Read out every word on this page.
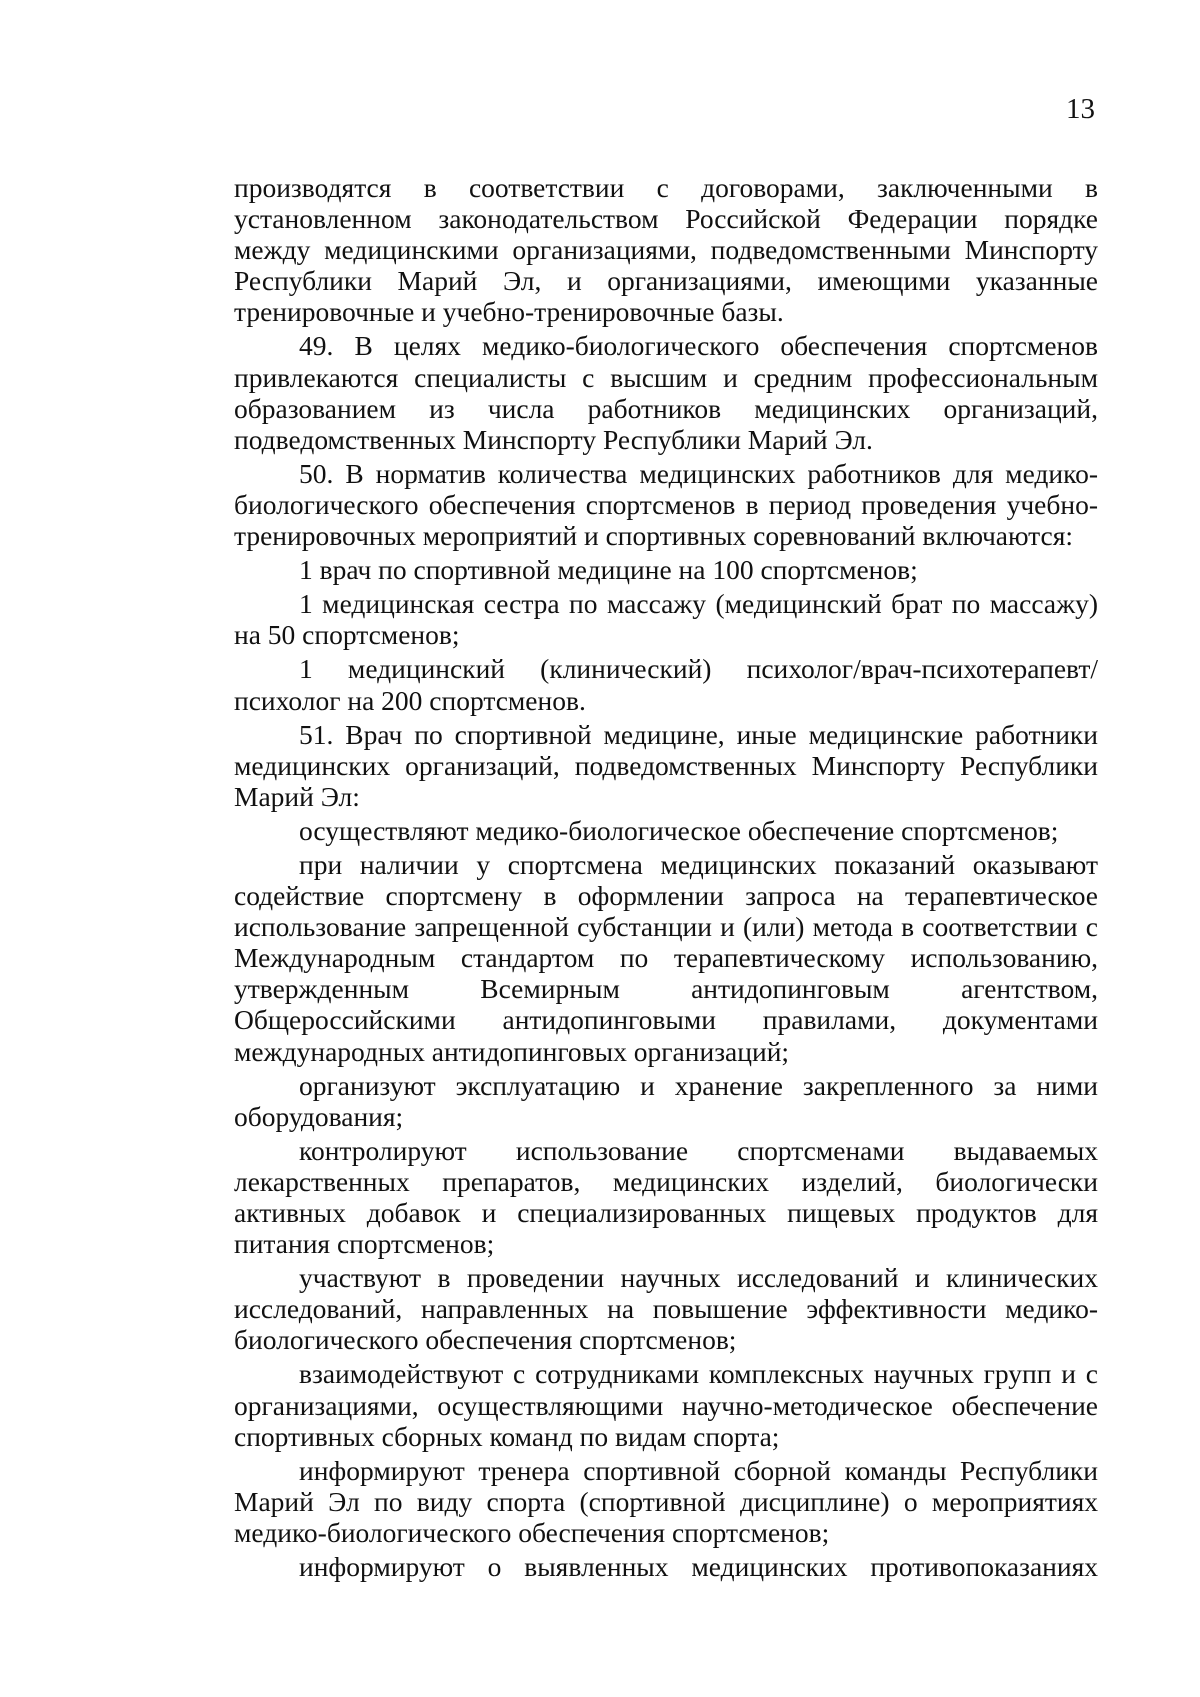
13

производятся в соответствии с договорами, заключенными в установленном законодательством Российской Федерации порядке между медицинскими организациями, подведомственными Минспорту Республики Марий Эл, и организациями, имеющими указанные тренировочные и учебно-тренировочные базы.

49. В целях медико-биологического обеспечения спортсменов привлекаются специалисты с высшим и средним профессиональным образованием из числа работников медицинских организаций, подведомственных Минспорту Республики Марий Эл.

50. В норматив количества медицинских работников для медико-биологического обеспечения спортсменов в период проведения учебно-тренировочных мероприятий и спортивных соревнований включаются:

1 врач по спортивной медицине на 100 спортсменов;

1 медицинская сестра по массажу (медицинский брат по массажу) на 50 спортсменов;

1 медицинский (клинический) психолог/врач-психотерапевт/психолог на 200 спортсменов.

51. Врач по спортивной медицине, иные медицинские работники медицинских организаций, подведомственных Минспорту Республики Марий Эл:

осуществляют медико-биологическое обеспечение спортсменов;

при наличии у спортсмена медицинских показаний оказывают содействие спортсмену в оформлении запроса на терапевтическое использование запрещенной субстанции и (или) метода в соответствии с Международным стандартом по терапевтическому использованию, утвержденным Всемирным антидопинговым агентством, Общероссийскими антидопинговыми правилами, документами международных антидопинговых организаций;

организуют эксплуатацию и хранение закрепленного за ними оборудования;

контролируют использование спортсменами выдаваемых лекарственных препаратов, медицинских изделий, биологически активных добавок и специализированных пищевых продуктов для питания спортсменов;

участвуют в проведении научных исследований и клинических исследований, направленных на повышение эффективности медико-биологического обеспечения спортсменов;

взаимодействуют с сотрудниками комплексных научных групп и с организациями, осуществляющими научно-методическое обеспечение спортивных сборных команд по видам спорта;

информируют тренера спортивной сборной команды Республики Марий Эл по виду спорта (спортивной дисциплине) о мероприятиях медико-биологического обеспечения спортсменов;

информируют о выявленных медицинских противопоказаниях
